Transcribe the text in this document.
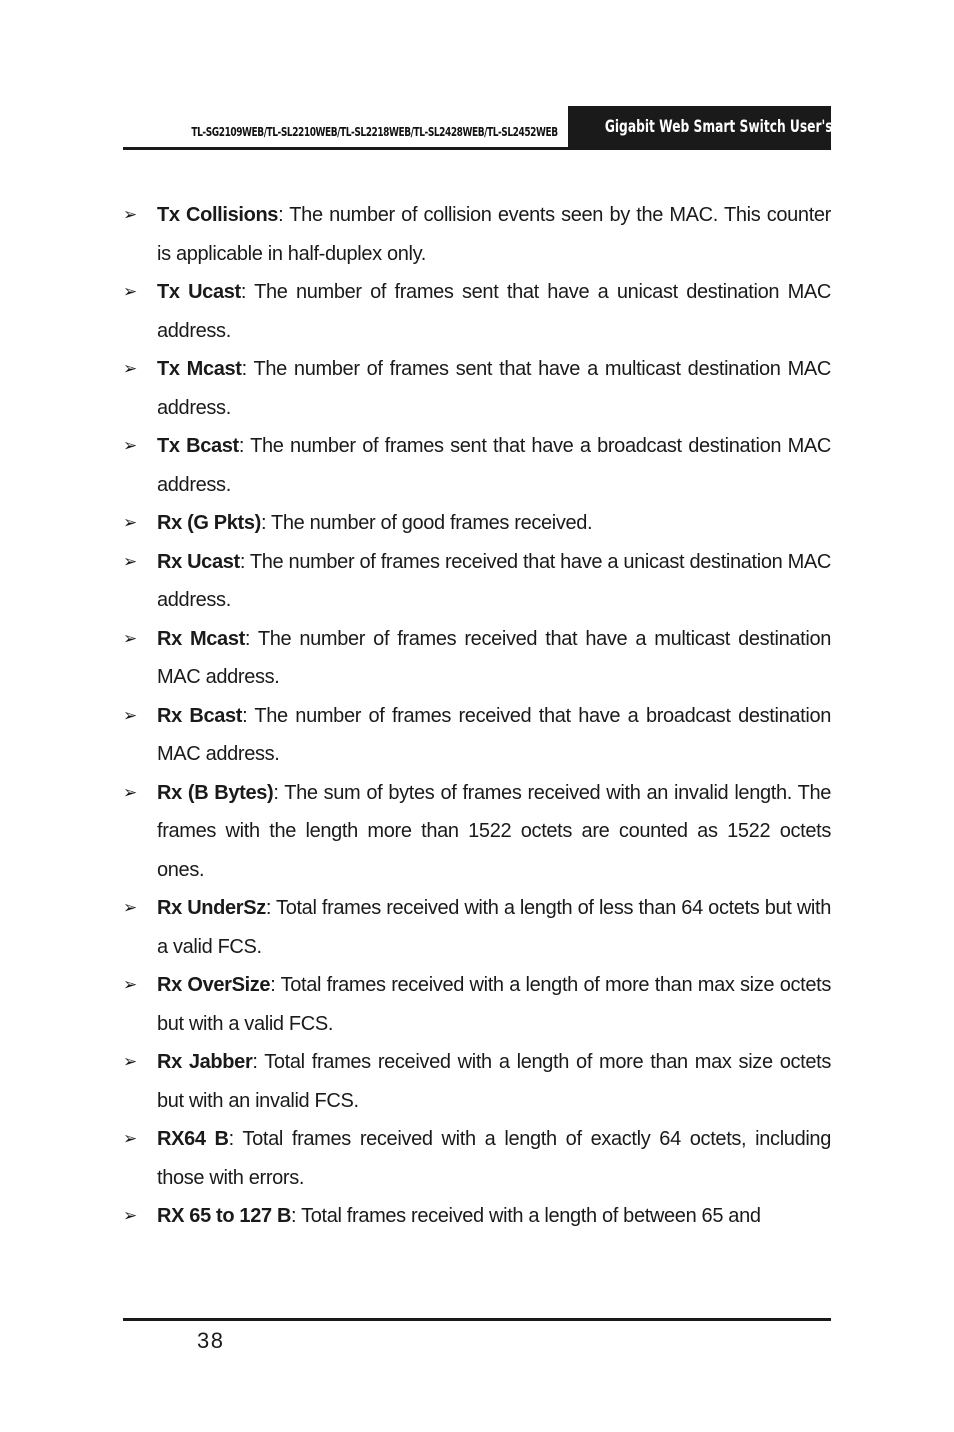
TL-SG2109WEB/TL-SL2210WEB/TL-SL2218WEB/TL-SL2428WEB/TL-SL2452WEB	Gigabit Web Smart Switch User's Guide
➢ Tx Collisions: The number of collision events seen by the MAC. This counter is applicable in half-duplex only.
➢ Tx Ucast: The number of frames sent that have a unicast destination MAC address.
➢ Tx Mcast: The number of frames sent that have a multicast destination MAC address.
➢ Tx Bcast: The number of frames sent that have a broadcast destination MAC address.
➢ Rx (G Pkts): The number of good frames received.
➢ Rx Ucast: The number of frames received that have a unicast destination MAC address.
➢ Rx Mcast: The number of frames received that have a multicast destination MAC address.
➢ Rx Bcast: The number of frames received that have a broadcast destination MAC address.
➢ Rx (B Bytes): The sum of bytes of frames received with an invalid length. The frames with the length more than 1522 octets are counted as 1522 octets ones.
➢ Rx UnderSz: Total frames received with a length of less than 64 octets but with a valid FCS.
➢ Rx OverSize: Total frames received with a length of more than max size octets but with a valid FCS.
➢ Rx Jabber: Total frames received with a length of more than max size octets but with an invalid FCS.
➢ RX64 B: Total frames received with a length of exactly 64 octets, including those with errors.
➢ RX 65 to 127 B: Total frames received with a length of between 65 and
38
